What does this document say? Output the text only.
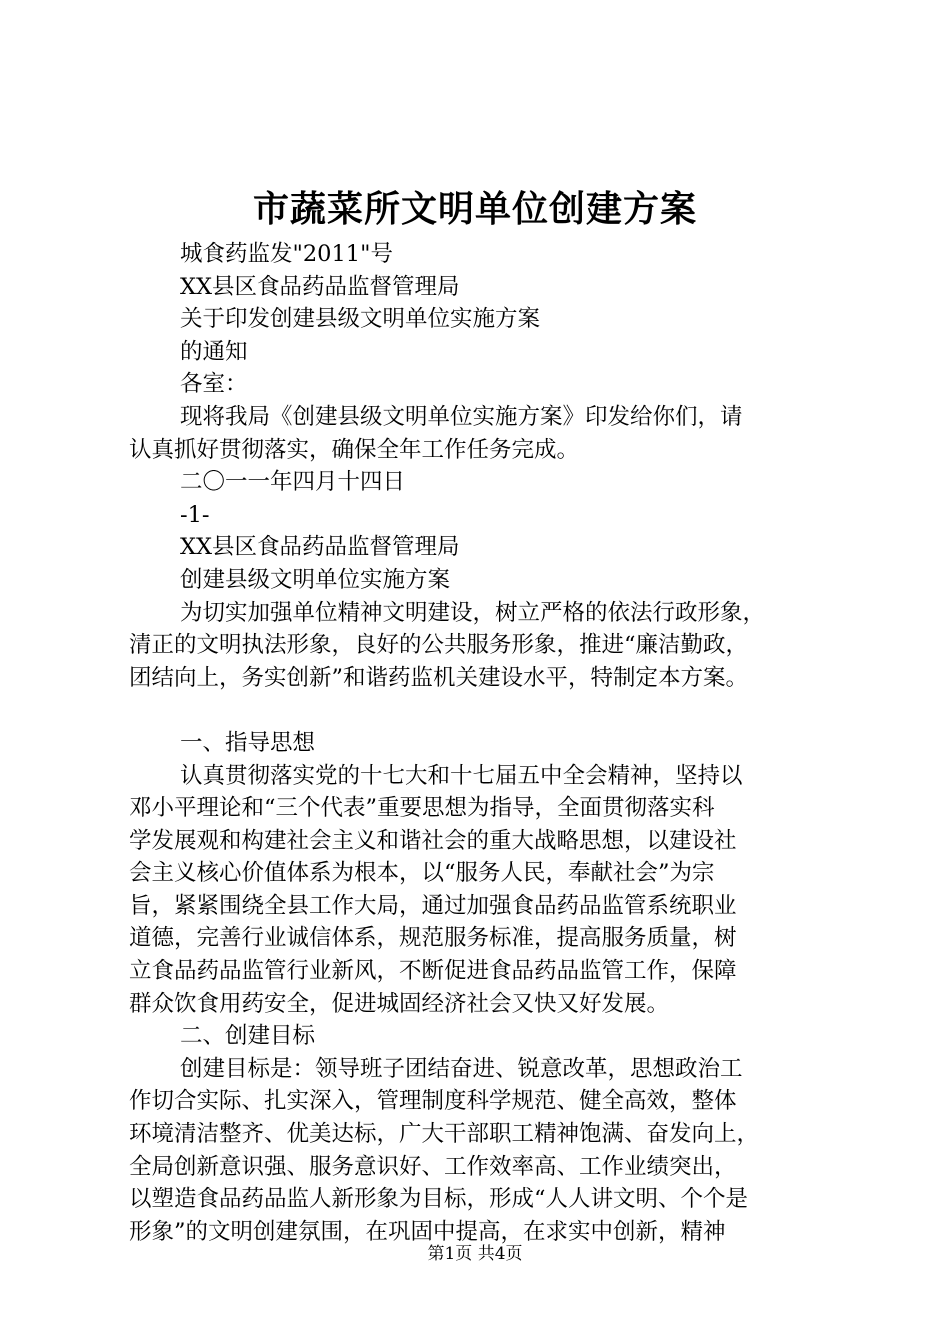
市蔬菜所文明单位创建方案

城食药监发"2011"号

XX县区食品药品监督管理局

关于印发创建县级文明单位实施方案

的通知

各室：

现将我局《创建县级文明单位实施方案》印发给你们，请

认真抓好贯彻落实，确保全年工作任务完成。

二〇一一年四月十四日

-1-

XX县区食品药品监督管理局

创建县级文明单位实施方案

为切实加强单位精神文明建设，树立严格的依法行政形象，

清正的文明执法形象，良好的公共服务形象，推进“廉洁勤政，

团结向上，务实创新”和谐药监机关建设水平，特制定本方案。

一、指导思想

认真贯彻落实党的十七大和十七届五中全会精神，坚持以

邓小平理论和“三个代表”重要思想为指导，全面贯彻落实科

学发展观和构建社会主义和谐社会的重大战略思想，以建设社

会主义核心价值体系为根本，以“服务人民，奉献社会”为宗

旨，紧紧围绕全县工作大局，通过加强食品药品监管系统职业

道德，完善行业诚信体系，规范服务标准，提高服务质量，树

立食品药品监管行业新风，不断促进食品药品监管工作，保障

群众饮食用药安全，促进城固经济社会又快又好发展。

二、创建目标

创建目标是：领导班子团结奋进、锐意改革，思想政治工

作切合实际、扎实深入，管理制度科学规范、健全高效，整体

环境清洁整齐、优美达标，广大干部职工精神饱满、奋发向上，

全局创新意识强、服务意识好、工作效率高、工作业绩突出，

以塑造食品药品监人新形象为目标，形成“人人讲文明、个个是

形象”的文明创建氛围，在巩固中提高，在求实中创新，精神

第1页 共4页
